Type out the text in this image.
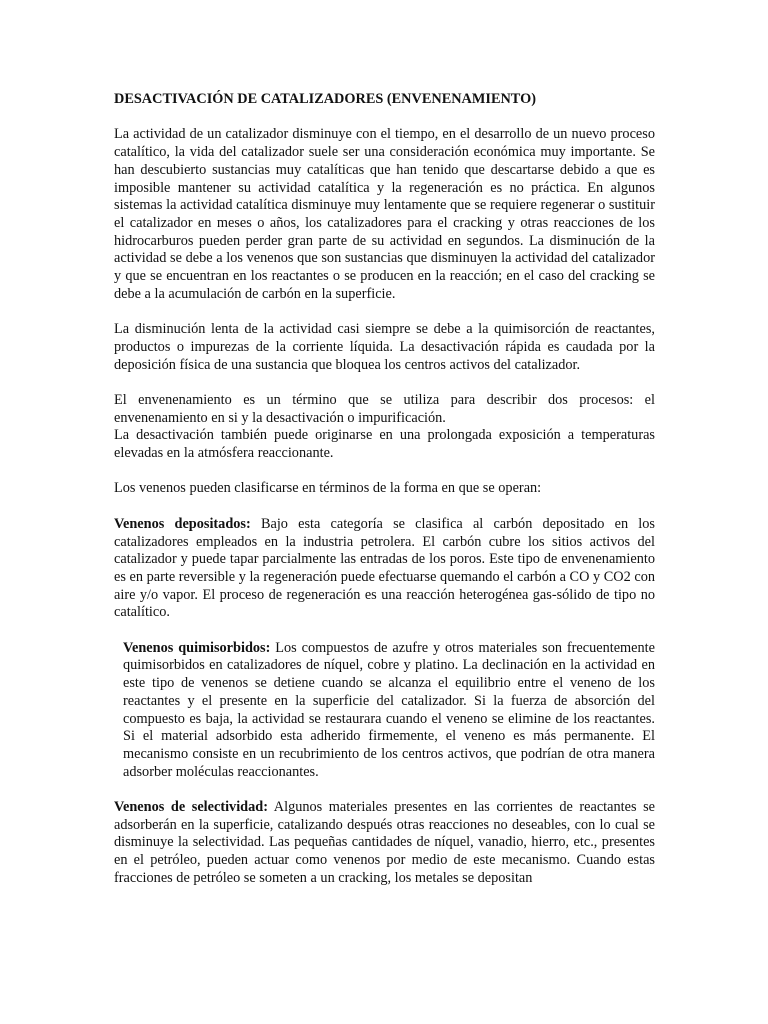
DESACTIVACIÓN DE CATALIZADORES (ENVENENAMIENTO)

La actividad de un catalizador disminuye con el tiempo, en el desarrollo de un nuevo proceso catalítico, la vida del catalizador suele ser una consideración económica muy importante. Se han descubierto sustancias muy catalíticas que han tenido que descartarse debido a que es imposible mantener su actividad catalítica y la regeneración es no práctica. En algunos sistemas la actividad catalítica disminuye muy lentamente que se requiere regenerar o sustituir el catalizador en meses o años, los catalizadores para el cracking y otras reacciones de los hidrocarburos pueden perder gran parte de su actividad en segundos. La disminución de la actividad se debe a los venenos que son sustancias que disminuyen la actividad del catalizador y que se encuentran en los reactantes o se producen en la reacción; en el caso del cracking se debe a la acumulación de carbón en la superficie.

La disminución lenta de la actividad casi siempre se debe a la quimisorción de reactantes, productos o impurezas de la corriente líquida. La desactivación rápida es caudada por la deposición física de una sustancia que bloquea los centros activos del catalizador.

El envenenamiento es un término que se utiliza para describir dos procesos: el envenenamiento en si y la desactivación o impurificación.
La desactivación también puede originarse en una prolongada exposición a temperaturas elevadas en la atmósfera reaccionante.

Los venenos pueden clasificarse en términos de la forma en que se operan:

Venenos depositados: Bajo esta categoría se clasifica al carbón depositado en los catalizadores empleados en la industria petrolera. El carbón cubre los sitios activos del catalizador y puede tapar parcialmente las entradas de los poros. Este tipo de envenenamiento es en parte reversible y la regeneración puede efectuarse quemando el carbón a CO y CO2 con aire y/o vapor. El proceso de regeneración es una reacción heterogénea gas-sólido de tipo no catalítico.

Venenos quimisorbidos: Los compuestos de azufre y otros materiales son frecuentemente quimisorbidos en catalizadores de níquel, cobre y platino. La declinación en la actividad en este tipo de venenos se detiene cuando se alcanza el equilibrio entre el veneno de los reactantes y el presente en la superficie del catalizador. Si la fuerza de absorción del compuesto es baja, la actividad se restaurara cuando el veneno se elimine de los reactantes. Si el material adsorbido esta adherido firmemente, el veneno es más permanente. El mecanismo consiste en un recubrimiento de los centros activos, que podrían de otra manera adsorber moléculas reaccionantes.

Venenos de selectividad: Algunos materiales presentes en las corrientes de reactantes se adsorberán en la superficie, catalizando después otras reacciones no deseables, con lo cual se disminuye la selectividad. Las pequeñas cantidades de níquel, vanadio, hierro, etc., presentes en el petróleo, pueden actuar como venenos por medio de este mecanismo. Cuando estas fracciones de petróleo se someten a un cracking, los metales se depositan
